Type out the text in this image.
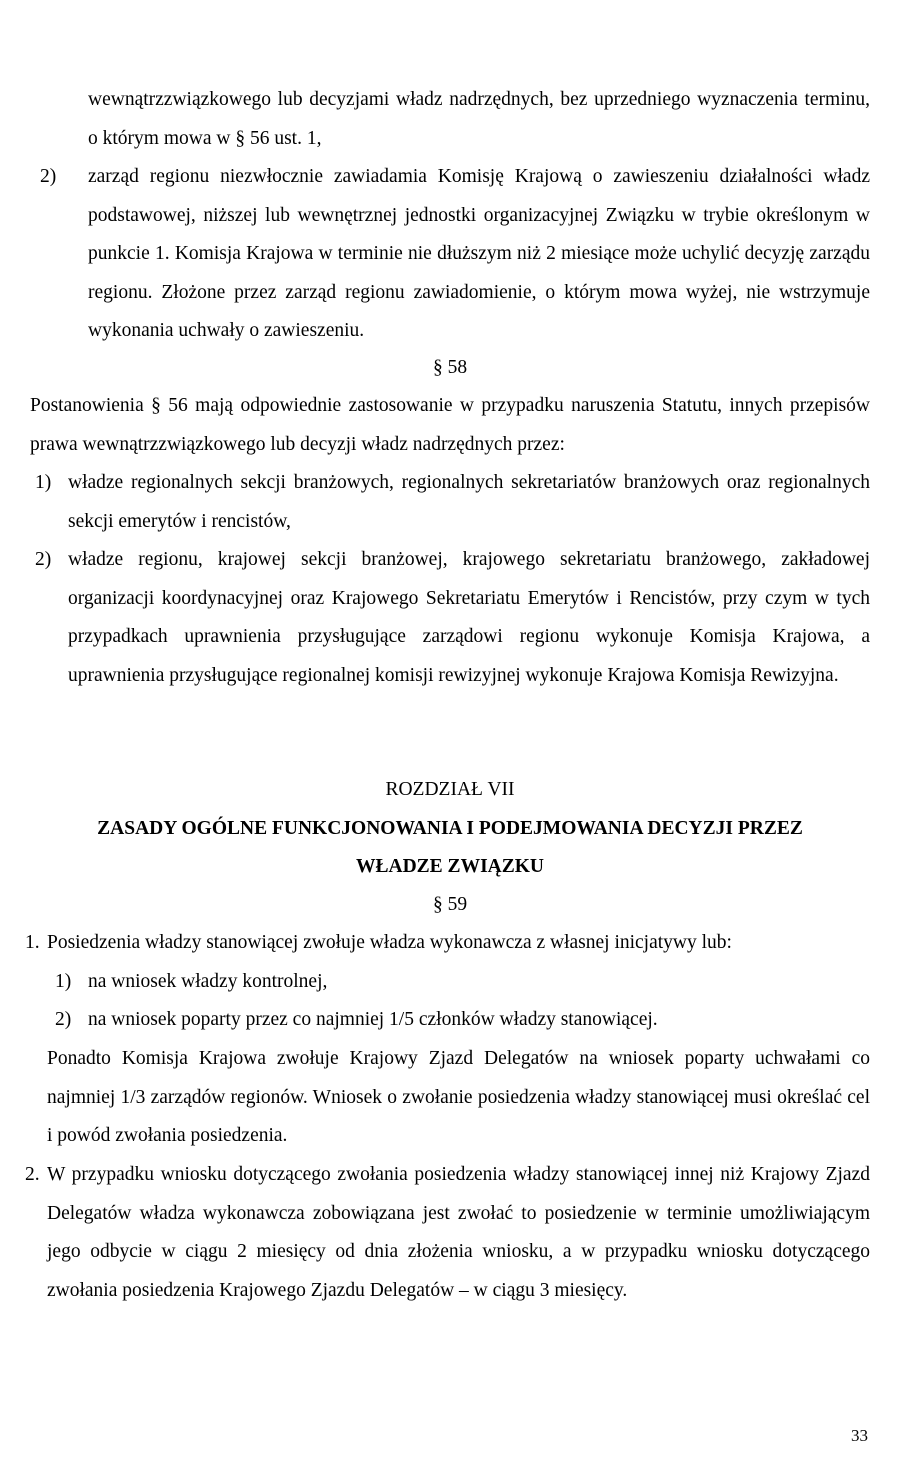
wewnątrzzwiązkowego lub decyzjami władz nadrzędnych, bez uprzedniego wyznaczenia terminu, o którym mowa w § 56 ust. 1,

2) zarząd regionu niezwłocznie zawiadamia Komisję Krajową o zawieszeniu działalności władz podstawowej, niższej lub wewnętrznej jednostki organizacyjnej Związku w trybie określonym w punkcie 1. Komisja Krajowa w terminie nie dłuższym niż 2 miesiące może uchylić decyzję zarządu regionu. Złożone przez zarząd regionu zawiadomienie, o którym mowa wyżej, nie wstrzymuje wykonania uchwały o zawieszeniu.

§ 58

Postanowienia § 56 mają odpowiednie zastosowanie w przypadku naruszenia Statutu, innych przepisów prawa wewnątrzzwiązkowego lub decyzji władz nadrzędnych przez:

1) władze regionalnych sekcji branżowych, regionalnych sekretariatów branżowych oraz regionalnych sekcji emerytów i rencistów,

2) władze regionu, krajowej sekcji branżowej, krajowego sekretariatu branżowego, zakładowej organizacji koordynacyjnej oraz Krajowego Sekretariatu Emerytów i Rencistów, przy czym w tych przypadkach uprawnienia przysługujące zarządowi regionu wykonuje Komisja Krajowa, a uprawnienia przysługujące regionalnej komisji rewizyjnej wykonuje Krajowa Komisja Rewizyjna.

ROZDZIAŁ VII
ZASADY OGÓLNE FUNKCJONOWANIA I PODEJMOWANIA DECYZJI PRZEZ
WŁADZE ZWIĄZKU
§ 59
1. Posiedzenia władzy stanowiącej zwołuje władza wykonawcza z własnej inicjatywy lub:

1) na wniosek władzy kontrolnej,

2) na wniosek poparty przez co najmniej 1/5 członków władzy stanowiącej.

Ponadto Komisja Krajowa zwołuje Krajowy Zjazd Delegatów na wniosek poparty uchwałami co najmniej 1/3 zarządów regionów. Wniosek o zwołanie posiedzenia władzy stanowiącej musi określać cel i powód zwołania posiedzenia.

2. W przypadku wniosku dotyczącego zwołania posiedzenia władzy stanowiącej innej niż Krajowy Zjazd Delegatów władza wykonawcza zobowiązana jest zwołać to posiedzenie w terminie umożliwiającym jego odbycie w ciągu 2 miesięcy od dnia złożenia wniosku, a w przypadku wniosku dotyczącego zwołania posiedzenia Krajowego Zjazdu Delegatów – w ciągu 3 miesięcy.

33
